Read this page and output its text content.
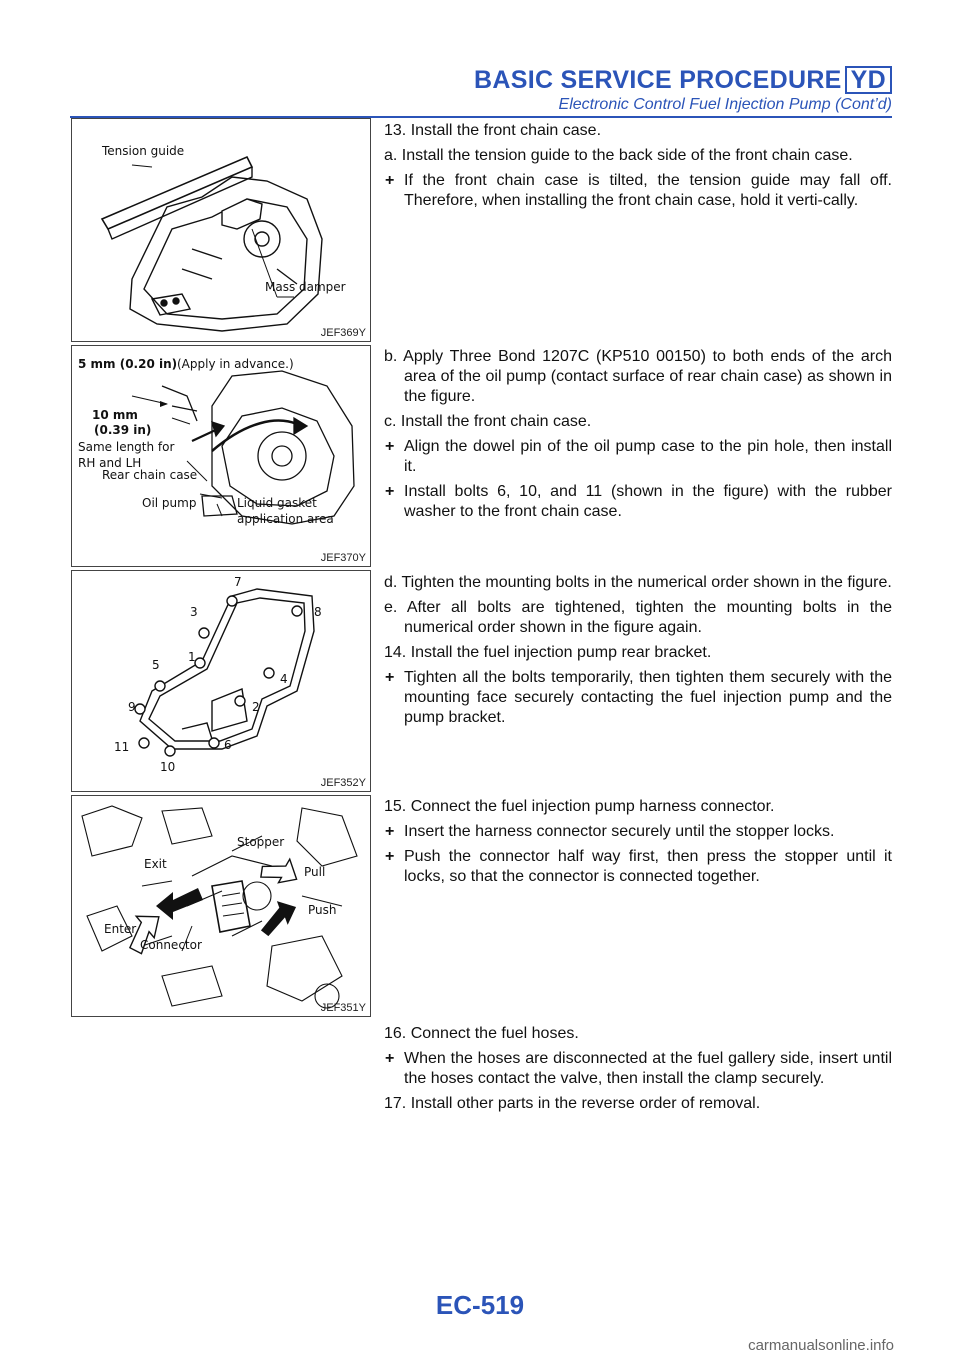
BASIC SERVICE PROCEDURE YD
Electronic Control Fuel Injection Pump (Cont’d)
Tension guide
Mass damper
JEF369Y
5 mm (0.20 in) (Apply in advance.)
10 mm
(0.39 in)
Same length for
RH and LH
Rear chain case
Oil pump	Liquid gasket
application area
JEF370Y
7
3	8
5
1
4
9	2
11	6
10
JEF352Y
Stopper
Exit
Pull
Push
Enter
Connector
JEF351Y

13. Install the front chain case.

a. Install the tension guide to the back side of the front chain case.

+ If the front chain case is tilted, the tension guide may fall off. Therefore, when installing the front chain case, hold it verti-cally.

b. Apply Three Bond 1207C (KP510 00150) to both ends of the arch area of the oil pump (contact surface of rear chain case) as shown in the figure.

c. Install the front chain case.

+ Align the dowel pin of the oil pump case to the pin hole, then install it.

+ Install bolts 6, 10, and 11 (shown in the figure) with the rubber washer to the front chain case.

d. Tighten the mounting bolts in the numerical order shown in the figure.

e. After all bolts are tightened, tighten the mounting bolts in the numerical order shown in the figure again.

14. Install the fuel injection pump rear bracket.

+ Tighten all the bolts temporarily, then tighten them securely with the mounting face securely contacting the fuel injection pump and the pump bracket.

15. Connect the fuel injection pump harness connector.

+ Insert the harness connector securely until the stopper locks.

+ Push the connector half way first, then press the stopper until it locks, so that the connector is connected together.

16. Connect the fuel hoses.

+ When the hoses are disconnected at the fuel gallery side, insert until the hoses contact the valve, then install the clamp securely.

17. Install other parts in the reverse order of removal.

EC-519
carmanualsonline.info
